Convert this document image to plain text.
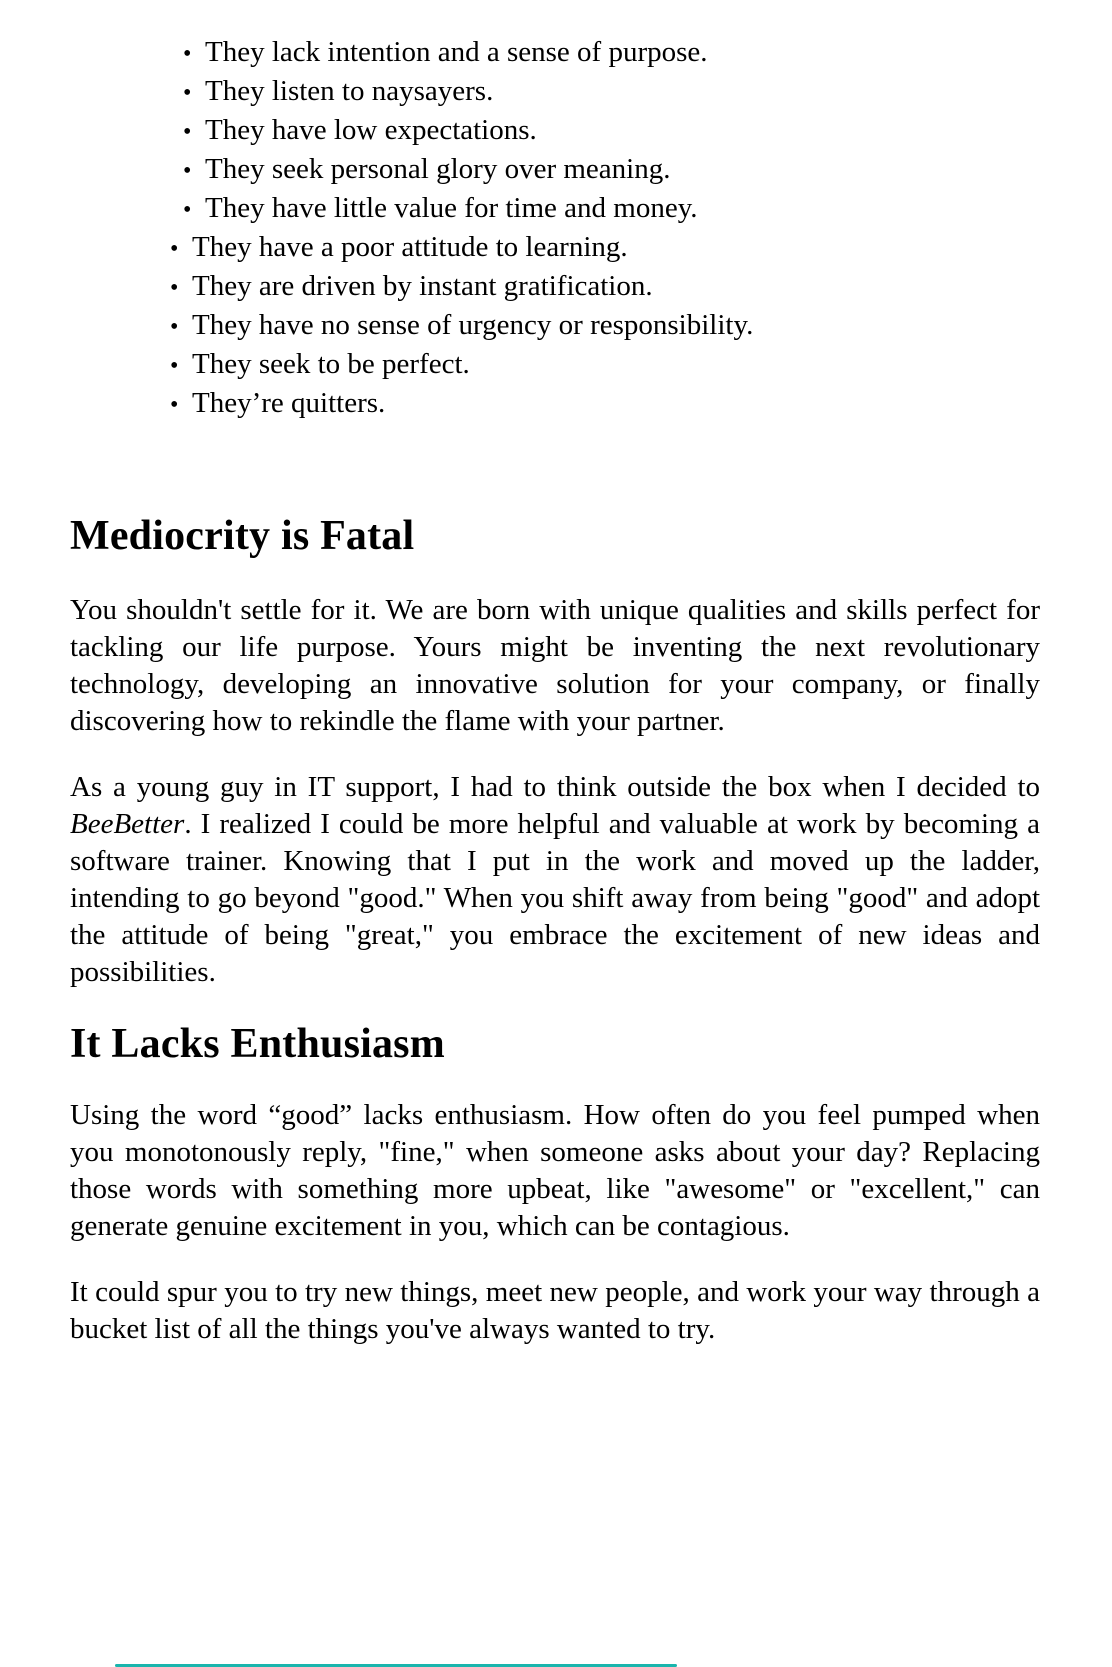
• They lack intention and a sense of purpose.
• They listen to naysayers.
• They have low expectations.
• They seek personal glory over meaning.
• They have little value for time and money.
• They have a poor attitude to learning.
• They are driven by instant gratification.
• They have no sense of urgency or responsibility.
• They seek to be perfect.
• They’re quitters.
Mediocrity is Fatal

You shouldn't settle for it. We are born with unique qualities and skills perfect for tackling our life purpose. Yours might be inventing the next revolutionary technology, developing an innovative solution for your company, or finally discovering how to rekindle the flame with your partner.

As a young guy in IT support, I had to think outside the box when I decided to BeeBetter. I realized I could be more helpful and valuable at work by becoming a software trainer. Knowing that I put in the work and moved up the ladder, intending to go beyond "good." When you shift away from being "good" and adopt the attitude of being "great," you embrace the excitement of new ideas and possibilities.

It Lacks Enthusiasm

Using the word “good” lacks enthusiasm. How often do you feel pumped when you monotonously reply, "fine," when someone asks about your day? Replacing those words with something more upbeat, like "awesome" or "excellent," can generate genuine excitement in you, which can be contagious.

It could spur you to try new things, meet new people, and work your way through a bucket list of all the things you've always wanted to try.
